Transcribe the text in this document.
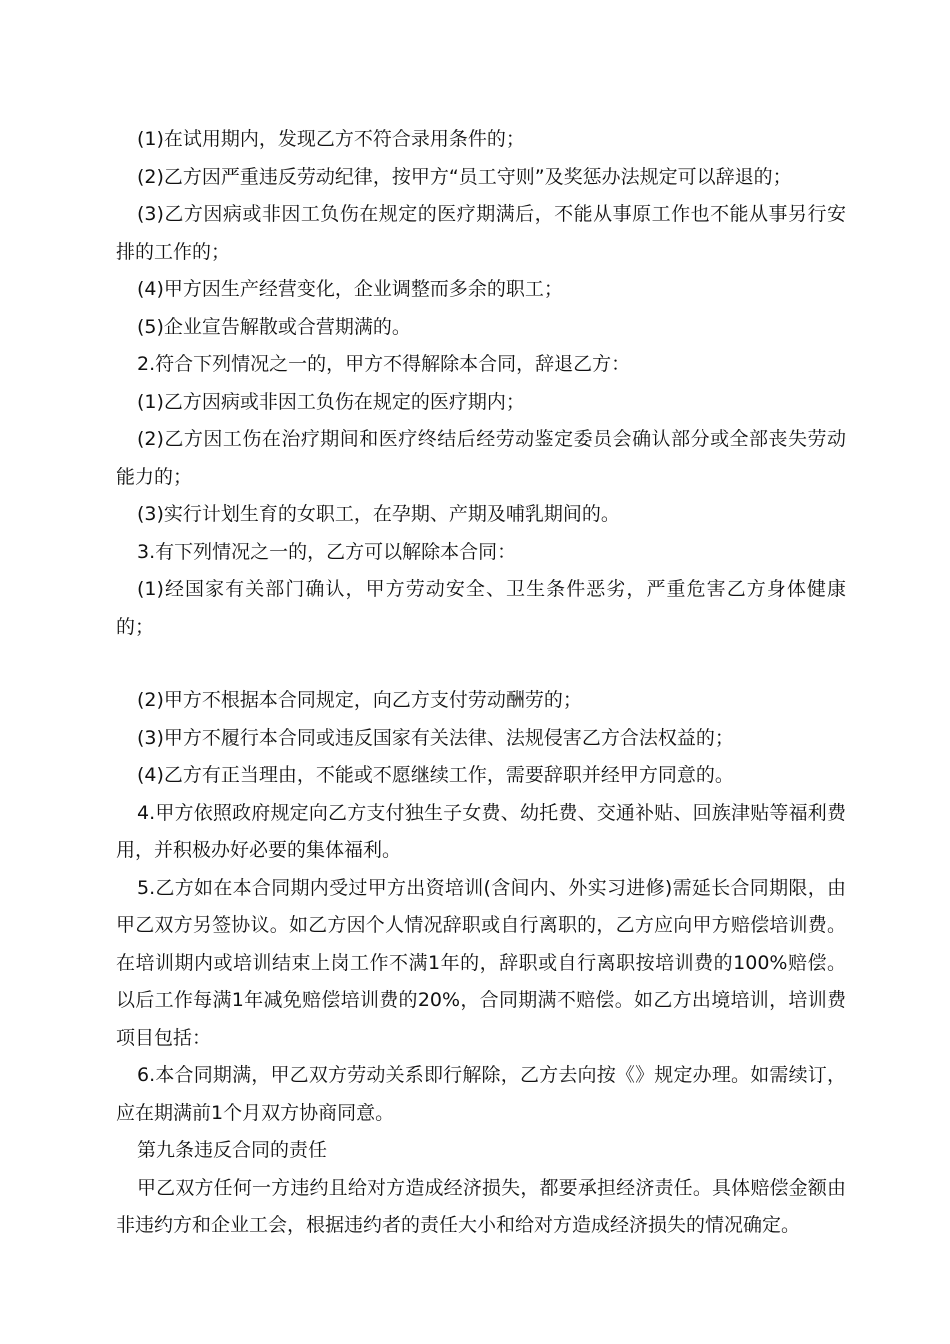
(1)在试用期内，发现乙方不符合录用条件的；

(2)乙方因严重违反劳动纪律，按甲方“员工守则”及奖惩办法规定可以辞退的；

(3)乙方因病或非因工负伤在规定的医疗期满后，不能从事原工作也不能从事另行安排的工作的；

(4)甲方因生产经营变化，企业调整而多余的职工；

(5)企业宣告解散或合营期满的。

2.符合下列情况之一的，甲方不得解除本合同，辞退乙方：

(1)乙方因病或非因工负伤在规定的医疗期内；

(2)乙方因工伤在治疗期间和医疗终结后经劳动鉴定委员会确认部分或全部丧失劳动能力的；

(3)实行计划生育的女职工，在孕期、产期及哺乳期间的。

3.有下列情况之一的，乙方可以解除本合同：

(1)经国家有关部门确认，甲方劳动安全、卫生条件恶劣，严重危害乙方身体健康的；

(2)甲方不根据本合同规定，向乙方支付劳动酬劳的；

(3)甲方不履行本合同或违反国家有关法律、法规侵害乙方合法权益的；

(4)乙方有正当理由，不能或不愿继续工作，需要辞职并经甲方同意的。

4.甲方依照政府规定向乙方支付独生子女费、幼托费、交通补贴、回族津贴等福利费用，并积极办好必要的集体福利。

5.乙方如在本合同期内受过甲方出资培训(含间内、外实习进修)需延长合同期限，由甲乙双方另签协议。如乙方因个人情况辞职或自行离职的，乙方应向甲方赔偿培训费。在培训期内或培训结束上岗工作不满1年的，辞职或自行离职按培训费的100%赔偿。以后工作每满1年减免赔偿培训费的20%，合同期满不赔偿。如乙方出境培训，培训费项目包括：

6.本合同期满，甲乙双方劳动关系即行解除，乙方去向按《》规定办理。如需续订，应在期满前1个月双方协商同意。

第九条违反合同的责任

甲乙双方任何一方违约且给对方造成经济损失，都要承担经济责任。具体赔偿金额由非违约方和企业工会，根据违约者的责任大小和给对方造成经济损失的情况确定。
